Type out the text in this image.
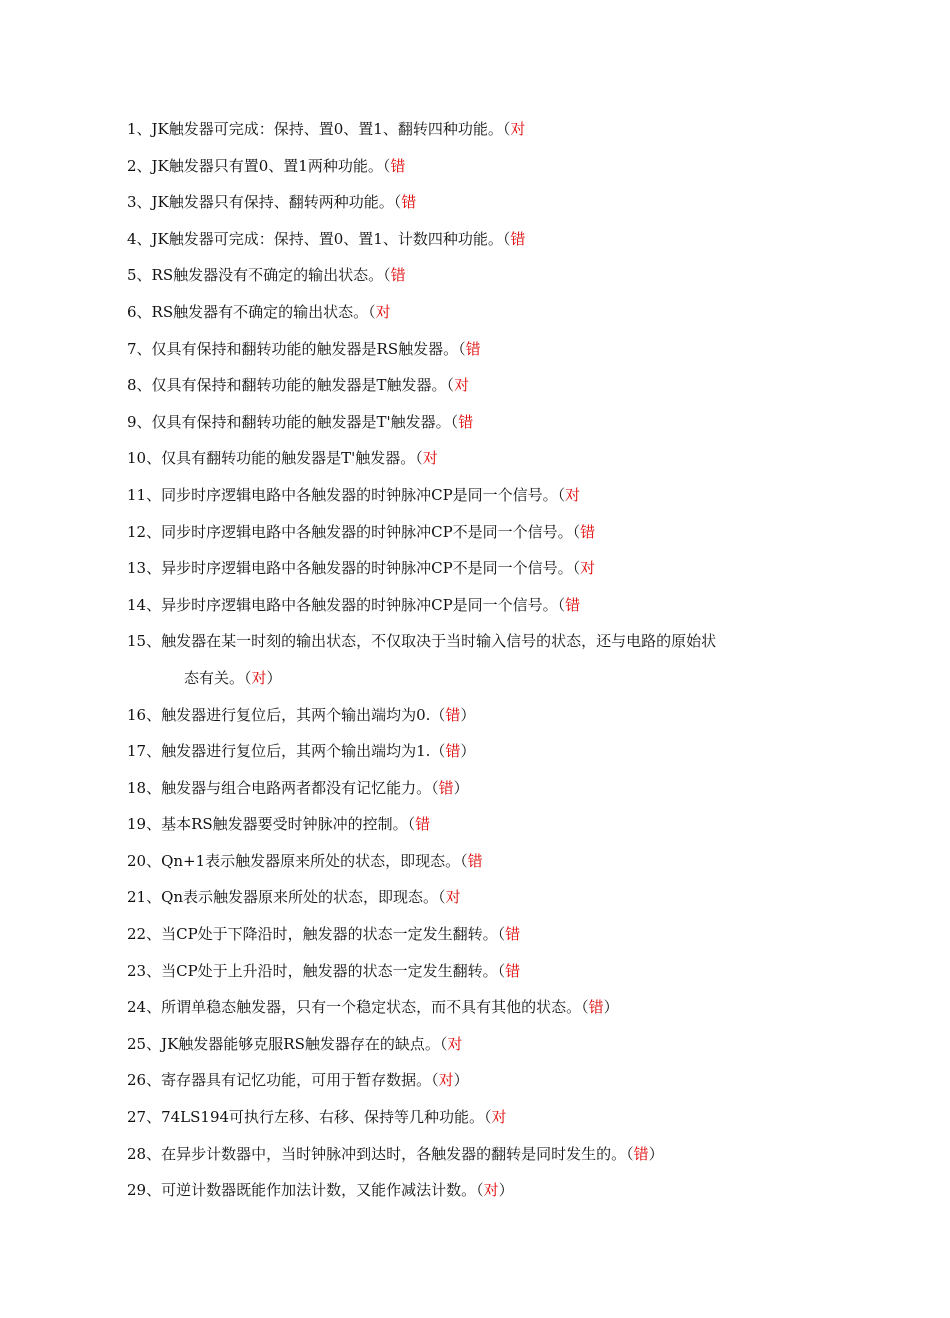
1、JK触发器可完成：保持、置0、置1、翻转四种功能。（对
2、JK触发器只有置0、置1两种功能。（错
3、JK触发器只有保持、翻转两种功能。（错
4、JK触发器可完成：保持、置0、置1、计数四种功能。（错
5、RS触发器没有不确定的输出状态。（错
6、RS触发器有不确定的输出状态。（对
7、仅具有保持和翻转功能的触发器是RS触发器。（错
8、仅具有保持和翻转功能的触发器是T触发器。（对
9、仅具有保持和翻转功能的触发器是T'触发器。（错
10、仅具有翻转功能的触发器是T'触发器。（对
11、同步时序逻辑电路中各触发器的时钟脉冲CP是同一个信号。（对
12、同步时序逻辑电路中各触发器的时钟脉冲CP不是同一个信号。（错
13、异步时序逻辑电路中各触发器的时钟脉冲CP不是同一个信号。（对
14、异步时序逻辑电路中各触发器的时钟脉冲CP是同一个信号。（错
15、触发器在某一时刻的输出状态，不仅取决于当时输入信号的状态，还与电路的原始状
态有关。（对）
16、触发器进行复位后，其两个输出端均为0.（错）
17、触发器进行复位后，其两个输出端均为1.（错）
18、触发器与组合电路两者都没有记忆能力。（错）
19、基本RS触发器要受时钟脉冲的控制。（错
20、Qn+1表示触发器原来所处的状态，即现态。（错
21、Qn表示触发器原来所处的状态，即现态。（对
22、当CP处于下降沿时，触发器的状态一定发生翻转。（错
23、当CP处于上升沿时，触发器的状态一定发生翻转。（错
24、所谓单稳态触发器，只有一个稳定状态，而不具有其他的状态。（错）
25、JK触发器能够克服RS触发器存在的缺点。（对
26、寄存器具有记忆功能，可用于暂存数据。（对）
27、74LS194可执行左移、右移、保持等几种功能。（对
28、在异步计数器中，当时钟脉冲到达时，各触发器的翻转是同时发生的。（错）
29、可逆计数器既能作加法计数，又能作减法计数。（对）
